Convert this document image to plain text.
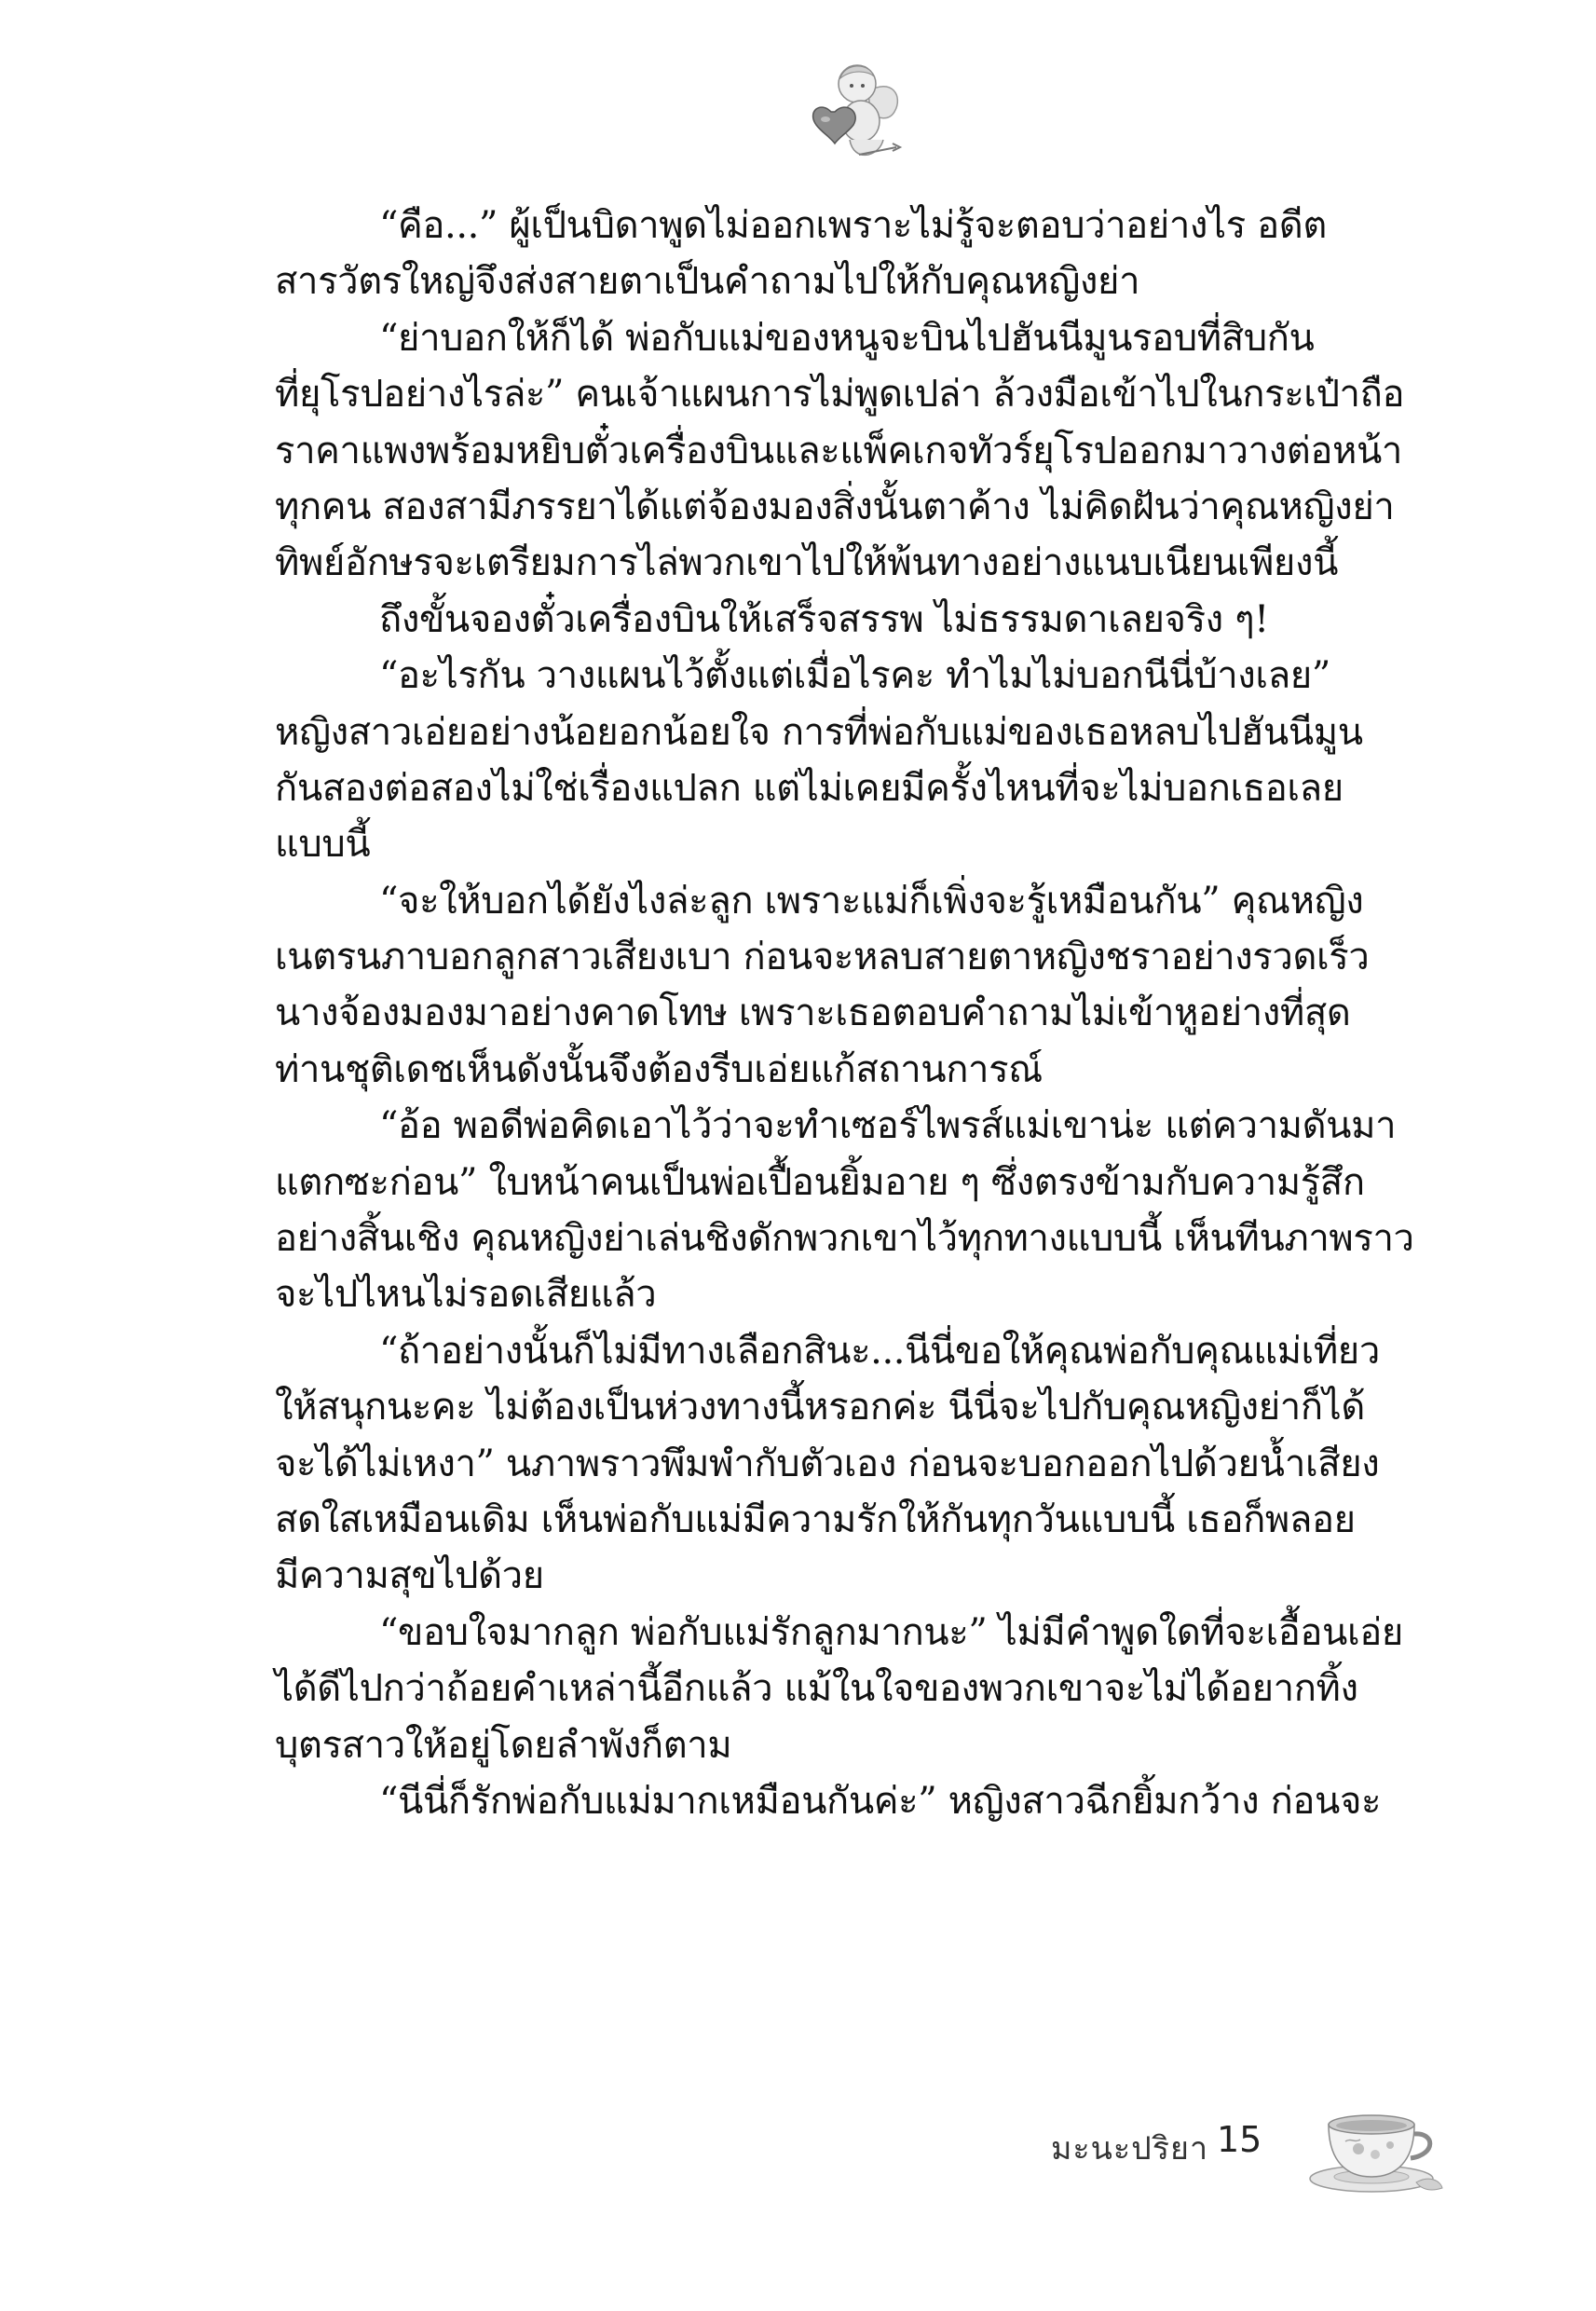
“คือ...” ผู้เป็นบิดาพูดไม่ออกเพราะไม่รู้จะตอบว่าอย่างไร อดีต
สารวัตรใหญ่จึงส่งสายตาเป็นคำถามไปให้กับคุณหญิงย่า
“ย่าบอกให้ก็ได้ พ่อกับแม่ของหนูจะบินไปฮันนีมูนรอบที่สิบกัน
ที่ยุโรปอย่างไรล่ะ” คนเจ้าแผนการไม่พูดเปล่า ล้วงมือเข้าไปในกระเป๋าถือ
ราคาแพงพร้อมหยิบตั๋วเครื่องบินและแพ็คเกจทัวร์ยุโรปออกมาวางต่อหน้า
ทุกคน สองสามีภรรยาได้แต่จ้องมองสิ่งนั้นตาค้าง ไม่คิดฝันว่าคุณหญิงย่า
ทิพย์อักษรจะเตรียมการไล่พวกเขาไปให้พ้นทางอย่างแนบเนียนเพียงนี้
ถึงขั้นจองตั๋วเครื่องบินให้เสร็จสรรพ ไม่ธรรมดาเลยจริง ๆ!
“อะไรกัน วางแผนไว้ตั้งแต่เมื่อไรคะ ทำไมไม่บอกนีนี่บ้างเลย”
หญิงสาวเอ่ยอย่างน้อยอกน้อยใจ การที่พ่อกับแม่ของเธอหลบไปฮันนีมูน
กันสองต่อสองไม่ใช่เรื่องแปลก แต่ไม่เคยมีครั้งไหนที่จะไม่บอกเธอเลย
แบบนี้
“จะให้บอกได้ยังไงล่ะลูก เพราะแม่ก็เพิ่งจะรู้เหมือนกัน” คุณหญิง
เนตรนภาบอกลูกสาวเสียงเบา ก่อนจะหลบสายตาหญิงชราอย่างรวดเร็ว
นางจ้องมองมาอย่างคาดโทษ เพราะเธอตอบคำถามไม่เข้าหูอย่างที่สุด
ท่านชุติเดชเห็นดังนั้นจึงต้องรีบเอ่ยแก้สถานการณ์
“อ้อ พอดีพ่อคิดเอาไว้ว่าจะทำเซอร์ไพรส์แม่เขาน่ะ แต่ความดันมา
แตกซะก่อน” ใบหน้าคนเป็นพ่อเปื้อนยิ้มอาย ๆ ซึ่งตรงข้ามกับความรู้สึก
อย่างสิ้นเชิง คุณหญิงย่าเล่นชิงดักพวกเขาไว้ทุกทางแบบนี้ เห็นทีนภาพราว
จะไปไหนไม่รอดเสียแล้ว
“ถ้าอย่างนั้นก็ไม่มีทางเลือกสินะ...นีนี่ขอให้คุณพ่อกับคุณแม่เที่ยว
ให้สนุกนะคะ ไม่ต้องเป็นห่วงทางนี้หรอกค่ะ นีนี่จะไปกับคุณหญิงย่าก็ได้
จะได้ไม่เหงา” นภาพราวพึมพำกับตัวเอง ก่อนจะบอกออกไปด้วยน้ำเสียง
สดใสเหมือนเดิม เห็นพ่อกับแม่มีความรักให้กันทุกวันแบบนี้ เธอก็พลอย
มีความสุขไปด้วย
“ขอบใจมากลูก พ่อกับแม่รักลูกมากนะ” ไม่มีคำพูดใดที่จะเอื้อนเอ่ย
ได้ดีไปกว่าถ้อยคำเหล่านี้อีกแล้ว แม้ในใจของพวกเขาจะไม่ได้อยากทิ้ง
บุตรสาวให้อยู่โดยลำพังก็ตาม
“นีนี่ก็รักพ่อกับแม่มากเหมือนกันค่ะ” หญิงสาวฉีกยิ้มกว้าง ก่อนจะ
มะนะปริยา 15
